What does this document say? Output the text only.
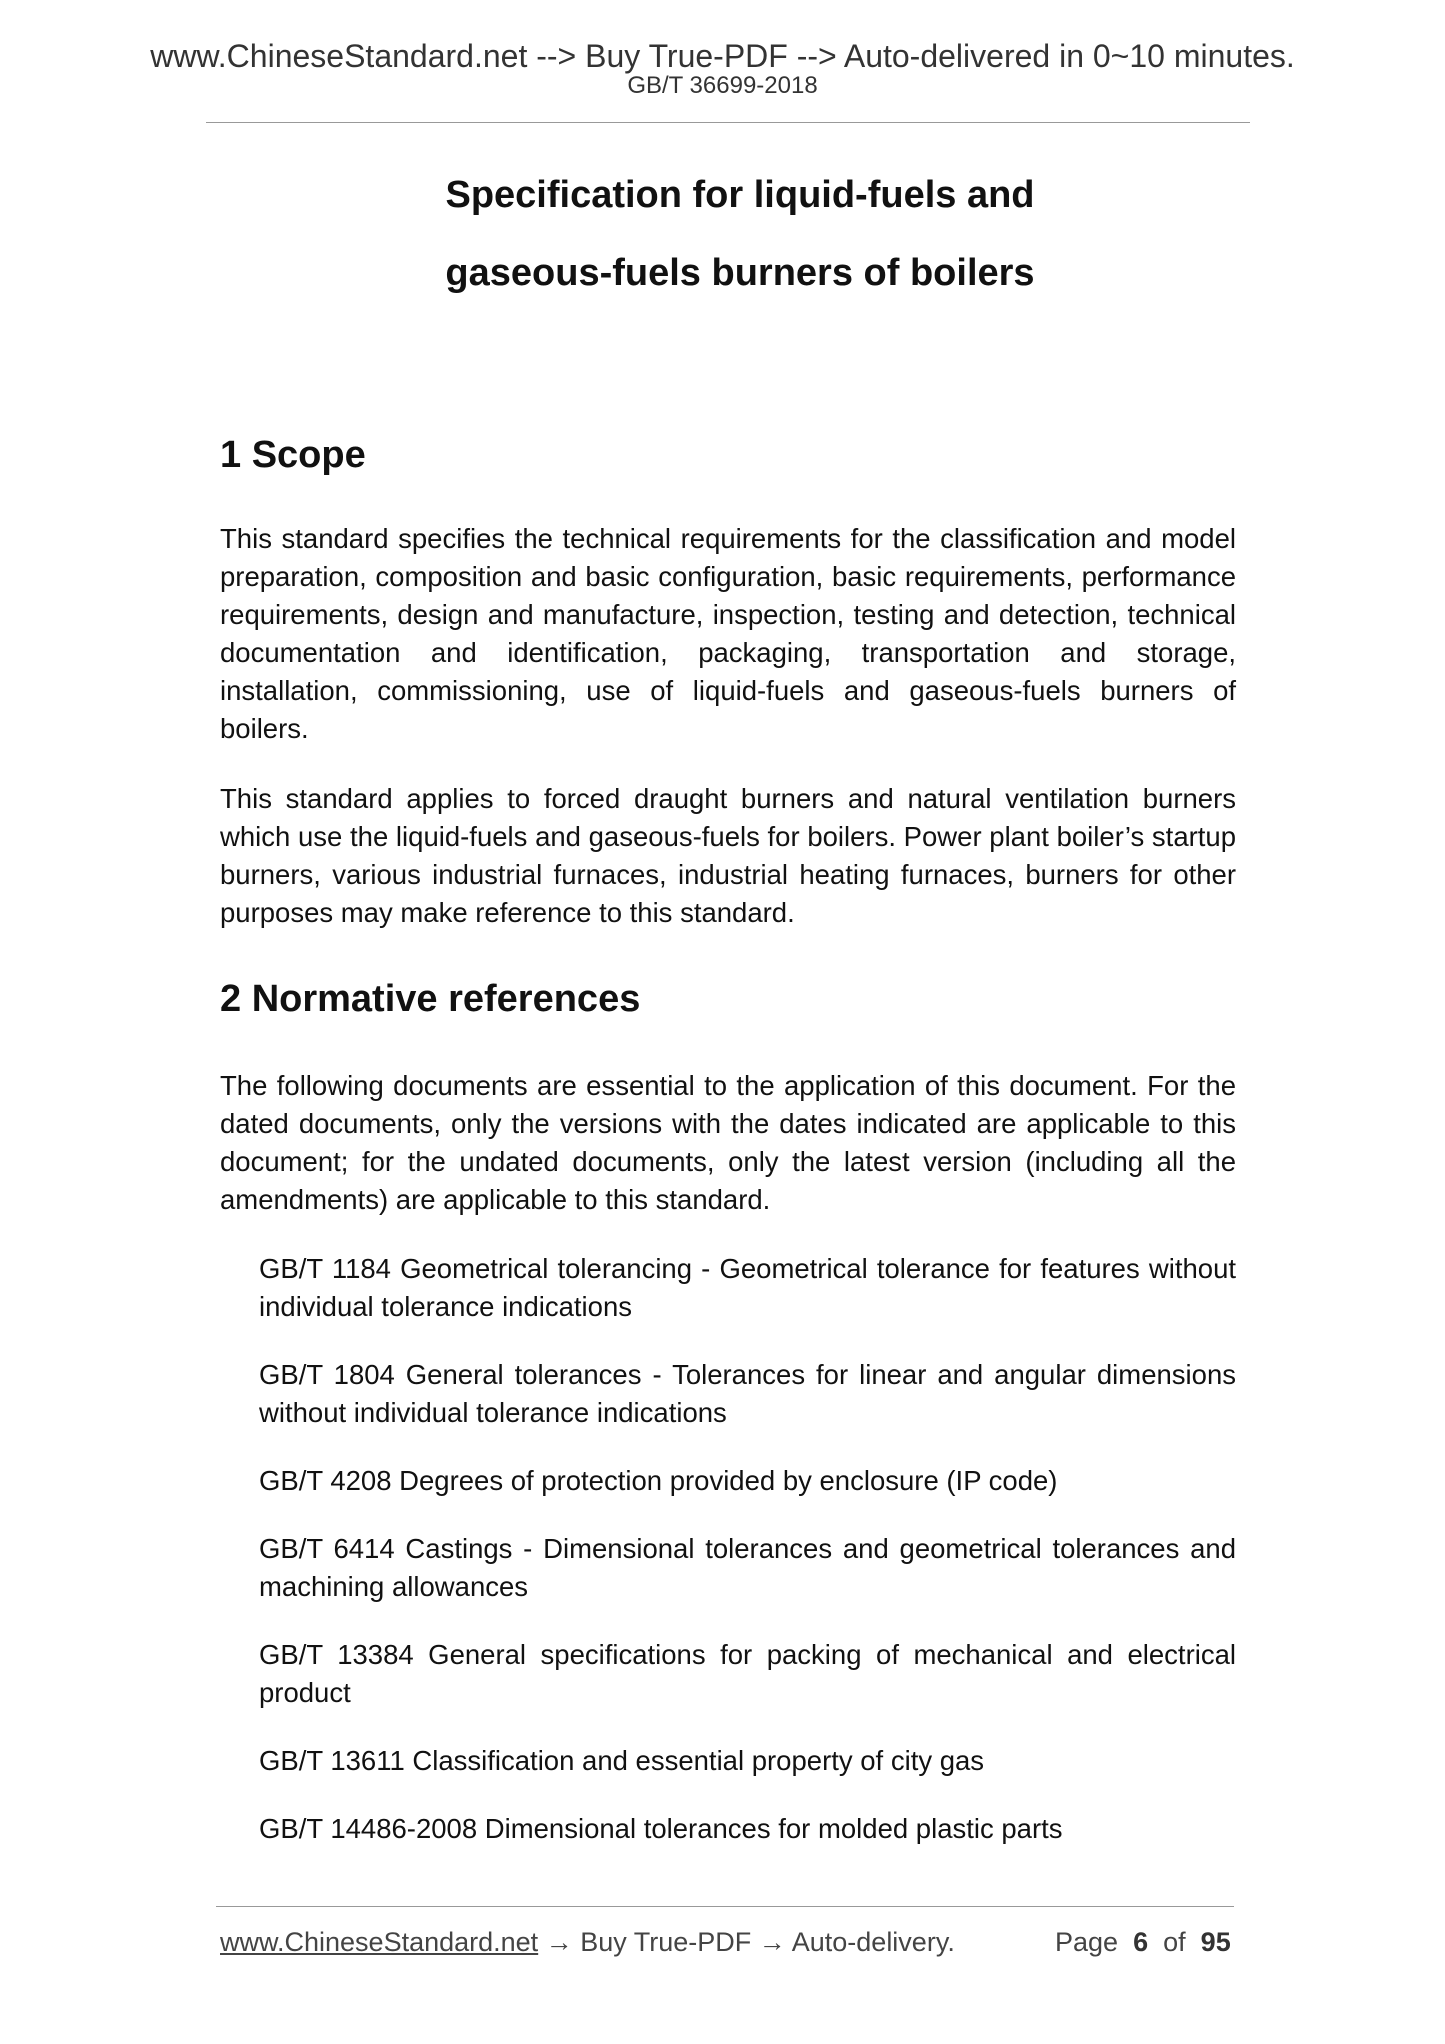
www.ChineseStandard.net --> Buy True-PDF --> Auto-delivered in 0~10 minutes.
GB/T 36699-2018
Specification for liquid-fuels and
gaseous-fuels burners of boilers
1 Scope

This standard specifies the technical requirements for the classification and model preparation, composition and basic configuration, basic requirements, performance requirements, design and manufacture, inspection, testing and detection, technical documentation and identification, packaging, transportation and storage, installation, commissioning, use of liquid-fuels and gaseous-fuels burners of boilers.

This standard applies to forced draught burners and natural ventilation burners which use the liquid-fuels and gaseous-fuels for boilers. Power plant boiler’s startup burners, various industrial furnaces, industrial heating furnaces, burners for other purposes may make reference to this standard.

2 Normative references

The following documents are essential to the application of this document. For the dated documents, only the versions with the dates indicated are applicable to this document; for the undated documents, only the latest version (including all the amendments) are applicable to this standard.

GB/T 1184 Geometrical tolerancing - Geometrical tolerance for features without individual tolerance indications
GB/T 1804 General tolerances - Tolerances for linear and angular dimensions without individual tolerance indications
GB/T 4208 Degrees of protection provided by enclosure (IP code)
GB/T 6414 Castings - Dimensional tolerances and geometrical tolerances and machining allowances
GB/T 13384 General specifications for packing of mechanical and electrical product
GB/T 13611 Classification and essential property of city gas
GB/T 14486-2008 Dimensional tolerances for molded plastic parts
www.ChineseStandard.net → Buy True-PDF → Auto-delivery.	Page 6 of 95
